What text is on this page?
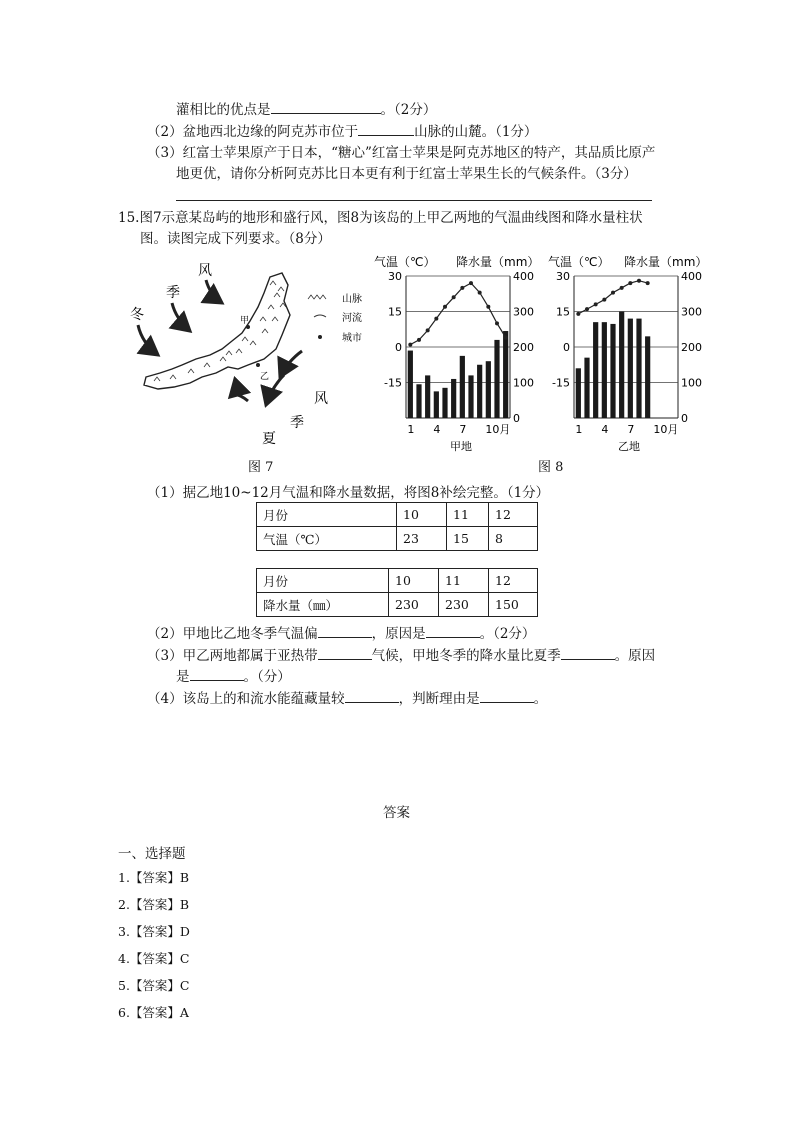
灌相比的优点是	。（2分）
（2）盆地西北边缘的阿克苏市位于	山脉的山麓。（1分）
（3）红富士苹果原产于日本，“糖心”红富士苹果是阿克苏地区的特产，其品质比原产
地更优，请你分析阿克苏比日本更有利于红富士苹果生长的气候条件。（3分）
15.图7示意某岛屿的地形和盛行风，图8为该岛的上甲乙两地的气温曲线图和降水量柱状
图。读图完成下列要求。（8分）
风
季
冬	甲
乙
山脉
河流
城市
风
季
夏
图 7
气温（℃） 降水量（mm）
30
15
0
-15
400
300
200
100
0
1 4 7 10月
甲地
气温（℃） 降水量（mm）
30
15
0
-15
400
300
200
100
0
1 4 7 10月
乙地
图 8
（1）据乙地10~12月气温和降水量数据，将图8补绘完整。（1分）
月份	10	11	12
气温（℃）	23	15	8
月份	10	11	12
降水量（㎜）	230	230	150
（2）甲地比乙地冬季气温偏	，原因是	。（2分）
（3）甲乙两地都属于亚热带	气候，甲地冬季的降水量比夏季	。原因
是	。（分）
（4）该岛上的和流水能蕴藏量较	，判断理由是	。
答案
一、选择题
1.【答案】B
2.【答案】B
3.【答案】D
4.【答案】C
5.【答案】C
6.【答案】A
